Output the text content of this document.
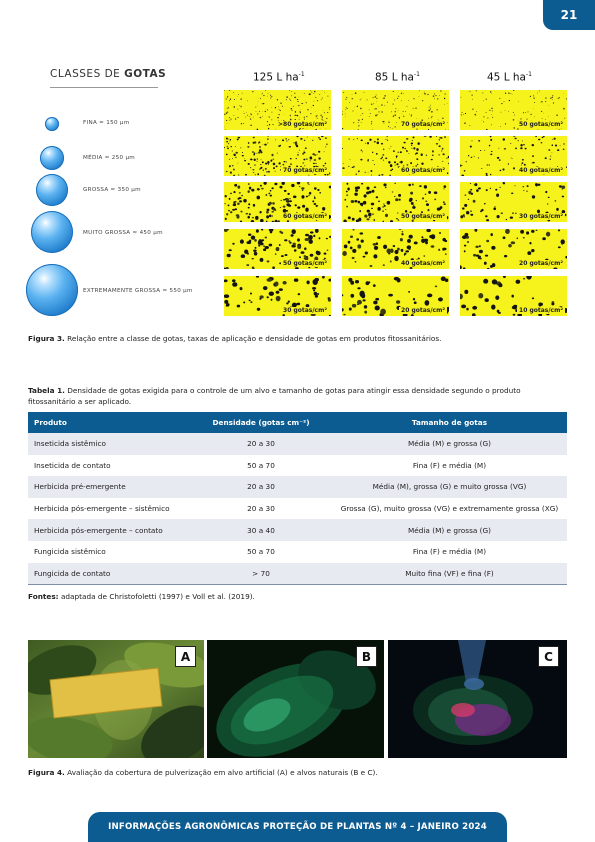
21
CLASSES DE GOTAS
FINA ≈ 150 μm
MÉDIA ≈ 250 μm
GROSSA ≈ 350 μm
MUITO GROSSA ≈ 450 μm
EXTREMAMENTE GROSSA ≈ 550 μm
125 L $ha^{-1}$	85 L $ha^{-1}$	45 L $ha^{-1}$
>80 gotas/cm²	70 gotas/cm²	50 gotas/cm²
70 gotas/cm²	60 gotas/cm²	40 gotas/cm²
60 gotas/cm²	50 gotas/cm²	30 gotas/cm²
50 gotas/cm²	40 gotas/cm²	20 gotas/cm²
30 gotas/cm²	20 gotas/cm²	10 gotas/cm²
Figura 3. Relação entre a classe de gotas, taxas de aplicação e densidade de gotas em produtos fitossanitários.
Tabela 1. Densidade de gotas exigida para o controle de um alvo e tamanho de gotas para atingir essa densidade segundo o produto fitossanitário a ser aplicado.
Produto	Densidade (gotas cm⁻²)	Tamanho de gotas
Inseticida sistêmico	20 a 30	Média (M) e grossa (G)
Inseticida de contato	50 a 70	Fina (F) e média (M)
Herbicida pré-emergente	20 a 30	Média (M), grossa (G) e muito grossa (VG)
Herbicida pós-emergente – sistêmico	20 a 30	Grossa (G), muito grossa (VG) e extremamente grossa (XG)
Herbicida pós-emergente – contato	30 a 40	Média (M) e grossa (G)
Fungicida sistêmico	50 a 70	Fina (F) e média (M)
Fungicida de contato	> 70	Muito fina (VF) e fina (F)
Fontes: adaptada de Christofoletti (1997) e Voll et al. (2019).
A	B	C
Figura 4. Avaliação da cobertura de pulverização em alvo artificial (A) e alvos naturais (B e C).
INFORMAÇÕES AGRONÔMICAS PROTEÇÃO DE PLANTAS Nº 4 – JANEIRO 2024
